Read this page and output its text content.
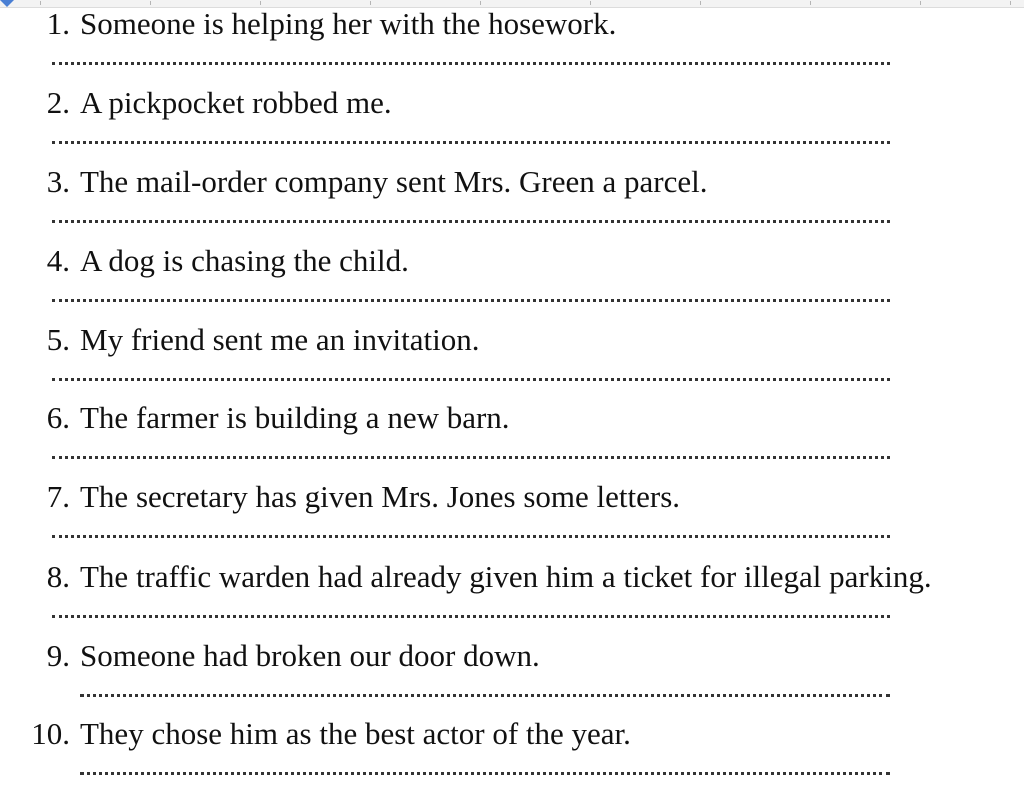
1. Someone is helping her with the hosework.
2. A pickpocket robbed me.
3. The mail-order company sent Mrs. Green a parcel.
4. A dog is chasing the child.
5. My friend sent me an invitation.
6. The farmer is building a new barn.
7. The secretary has given Mrs. Jones some letters.
8. The traffic warden had already given him a ticket for illegal parking.
9. Someone had broken our door down.
10. They chose him as the best actor of the year.
